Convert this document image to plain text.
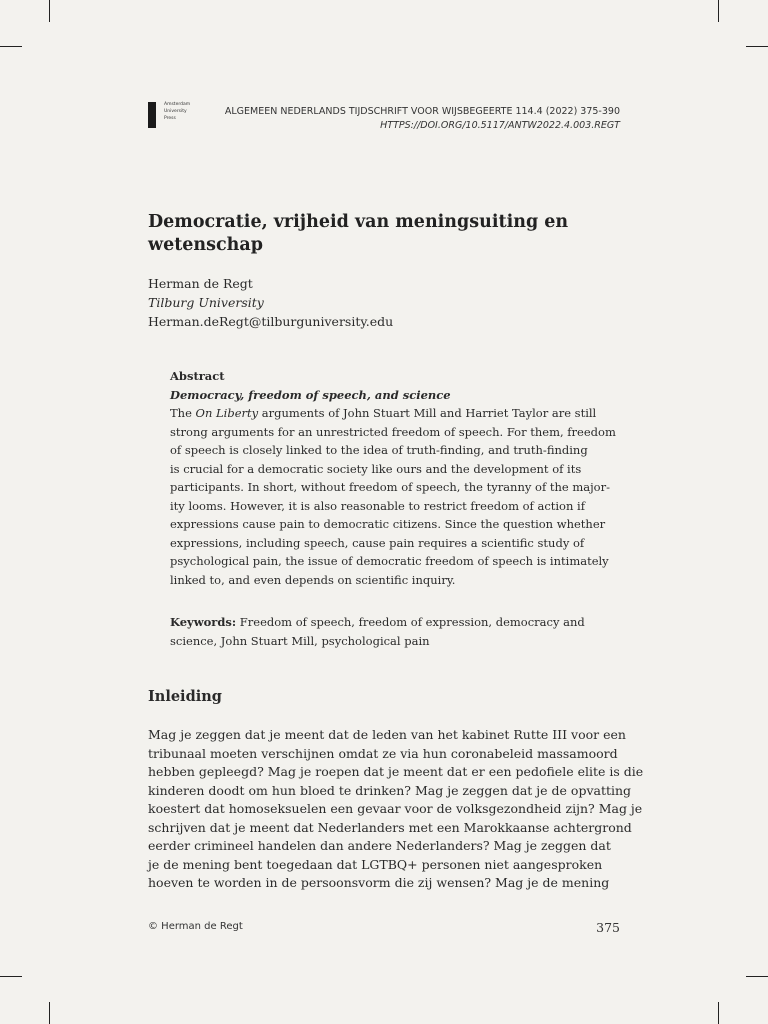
Amsterdam
University
Press
ALGEMEEN NEDERLANDS TIJDSCHRIFT VOOR WIJSBEGEERTE 114.4 (2022) 375-390
HTTPS://DOI.ORG/10.5117/ANTW2022.4.003.REGT
Democratie, vrijheid van meningsuiting en
wetenschap
Herman de Regt
Tilburg University
Herman.deRegt@tilburguniversity.edu
Abstract
Democracy, freedom of speech, and science
The On Liberty arguments of John Stuart Mill and Harriet Taylor are still
strong arguments for an unrestricted freedom of speech. For them, freedom
of speech is closely linked to the idea of truth-finding, and truth-finding
is crucial for a democratic society like ours and the development of its
participants. In short, without freedom of speech, the tyranny of the major-
ity looms. However, it is also reasonable to restrict freedom of action if
expressions cause pain to democratic citizens. Since the question whether
expressions, including speech, cause pain requires a scientific study of
psychological pain, the issue of democratic freedom of speech is intimately
linked to, and even depends on scientific inquiry.
Keywords: Freedom of speech, freedom of expression, democracy and
science, John Stuart Mill, psychological pain
Inleiding
Mag je zeggen dat je meent dat de leden van het kabinet Rutte III voor een
tribunaal moeten verschijnen omdat ze via hun coronabeleid massamoord
hebben gepleegd? Mag je roepen dat je meent dat er een pedofiele elite is die
kinderen doodt om hun bloed te drinken? Mag je zeggen dat je de opvatting
koestert dat homoseksuelen een gevaar voor de volksgezondheid zijn? Mag je
schrijven dat je meent dat Nederlanders met een Marokkaanse achtergrond
eerder crimineel handelen dan andere Nederlanders? Mag je zeggen dat
je de mening bent toegedaan dat LGTBQ+ personen niet aangesproken
hoeven te worden in de persoonsvorm die zij wensen? Mag je de mening
© Herman de Regt	375
